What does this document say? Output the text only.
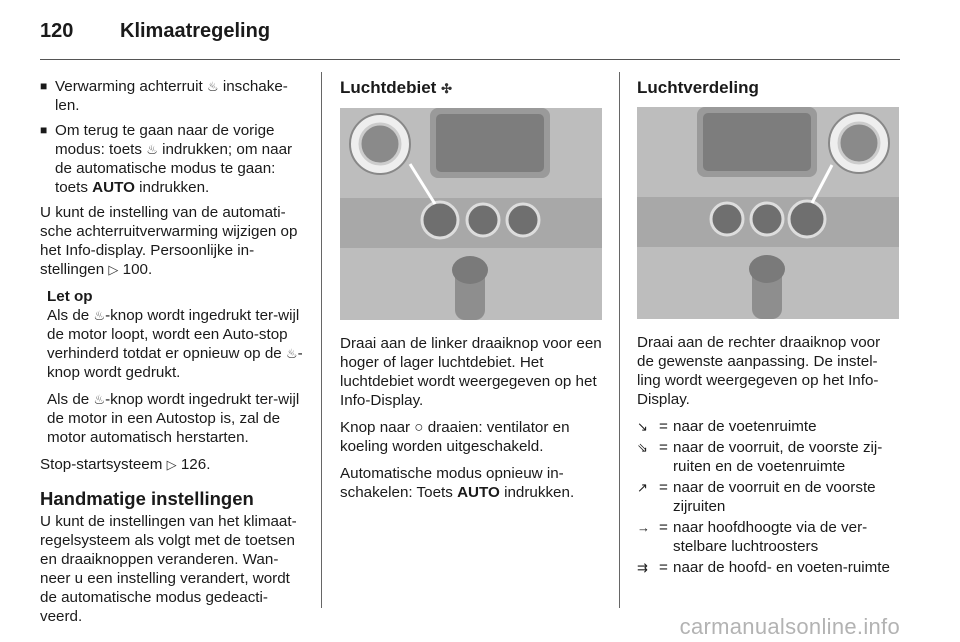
120	Klimaatregeling
■ Verwarming achterruit ♨ inschake-len.
■ Om terug te gaan naar de vorige modus: toets ♨ indrukken; om naar de automatische modus te gaan: toets AUTO indrukken.

U kunt de instelling van de automati-sche achterruitverwarming wijzigen op het Info-display. Persoonlijke in-stellingen ▷ 100.

Let op

Als de ♨-knop wordt ingedrukt ter-wijl de motor loopt, wordt een Auto-stop verhinderd totdat er opnieuw op de ♨-knop wordt gedrukt.

Als de ♨-knop wordt ingedrukt ter-wijl de motor in een Autostop is, zal de motor automatisch herstarten.

Stop-startsysteem ▷ 126.

Handmatige instellingen

U kunt de instellingen van het klimaat-regelsysteem als volgt met de toetsen en draaiknoppen veranderen. Wan-neer u een instelling verandert, wordt de automatische modus gedeacti-veerd.

Luchtdebiet ✣

Draai aan de linker draaiknop voor een hoger of lager luchtdebiet. Het luchtdebiet wordt weergegeven op het Info-Display.

Knop naar ○ draaien: ventilator en koeling worden uitgeschakeld.

Automatische modus opnieuw in-schakelen: Toets AUTO indrukken.

Luchtverdeling

Draai aan de rechter draaiknop voor de gewenste aanpassing. De instel-ling wordt weergegeven op het Info-Display.

↘ = naar de voetenruimte
⇘ = naar de voorruit, de voorste zij-ruiten en de voetenruimte
↗ = naar de voorruit en de voorste zijruiten
→ = naar hoofdhoogte via de ver-stelbare luchtroosters
⇉ = naar de hoofd- en voeten-ruimte
carmanualsonline.info
